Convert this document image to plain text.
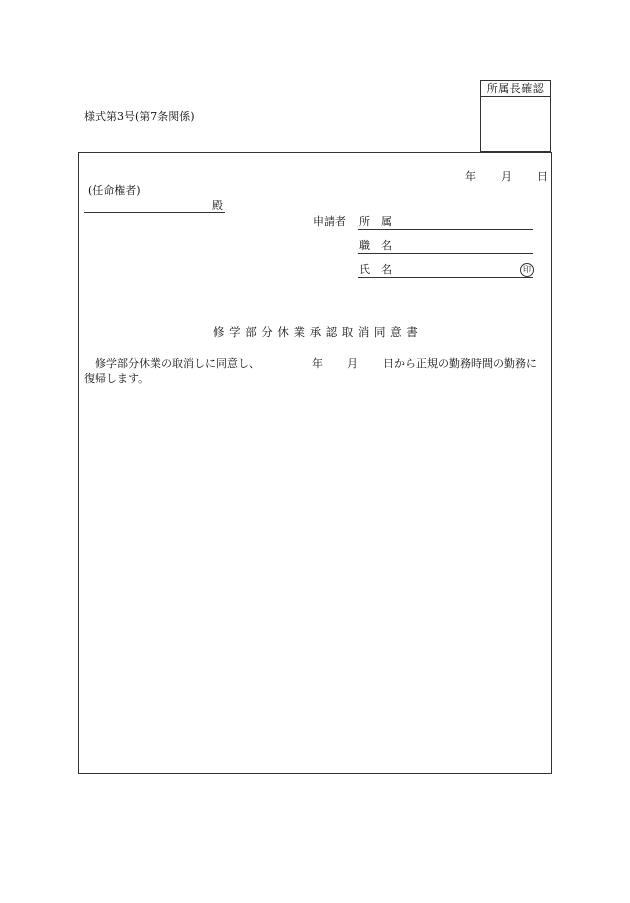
様式第3号(第7条関係)
所属長確認
年 月 日
(任命権者)
殿
申請者 所　属
職　名
氏　名	印
修学部分休業承認取消同意書
修学部分休業の取消しに同意し、	年 月 日から正規の勤務時間の勤務に
復帰します。
